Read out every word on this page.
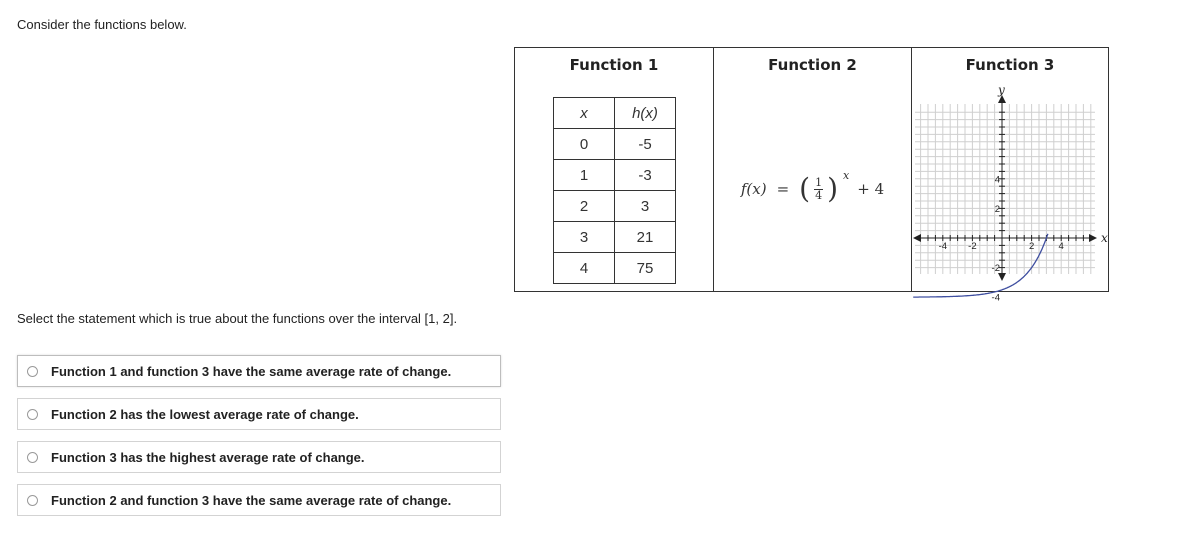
Consider the functions below.
Function 1
x	h(x)
0	-5
1	-3
2	3
3	21
4	75
Function 2
f(x) = ( $\frac{1}{4}$ ) x
+ 4
Function 3
-4 -2	2	4
4
2
-2
-4
x
y
Select the statement which is true about the functions over the interval [1, 2].
Function 1 and function 3 have the same average rate of change.
Function 2 has the lowest average rate of change.
Function 3 has the highest average rate of change.
Function 2 and function 3 have the same average rate of change.
